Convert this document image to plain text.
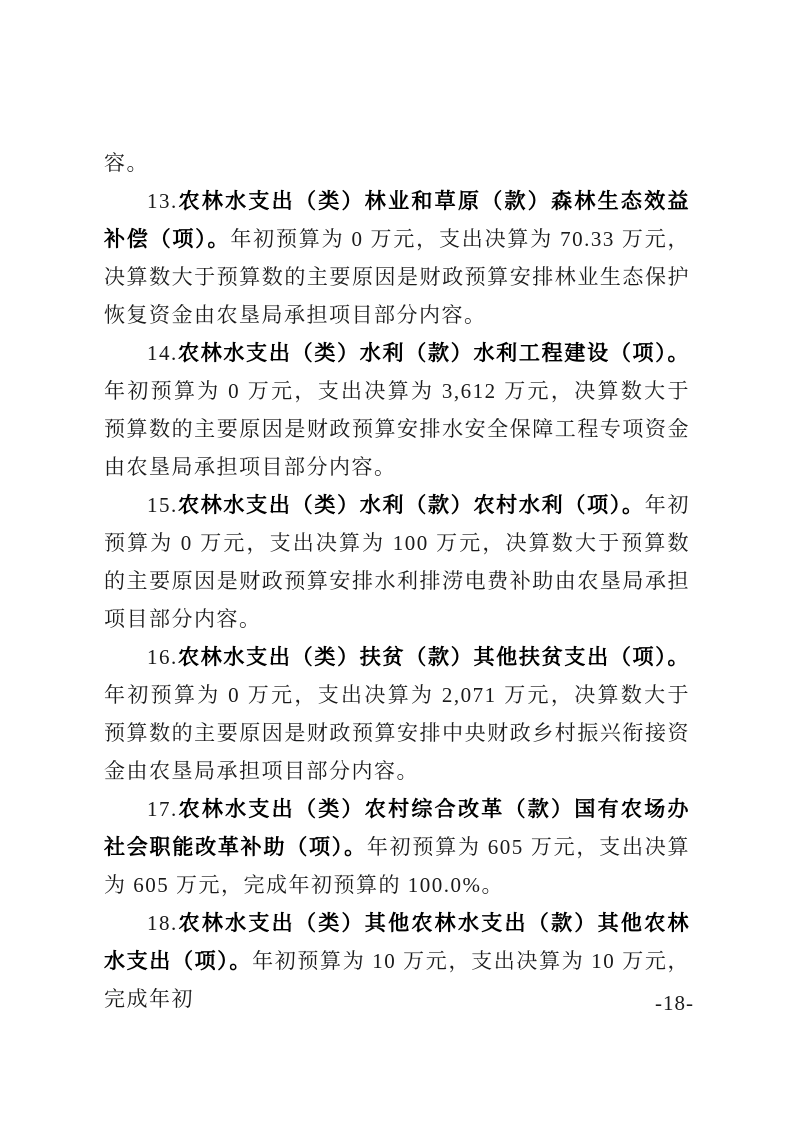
容。

13.农林水支出（类）林业和草原（款）森林生态效益补偿（项）。年初预算为 0 万元，支出决算为 70.33 万元，决算数大于预算数的主要原因是财政预算安排林业生态保护恢复资金由农垦局承担项目部分内容。

14.农林水支出（类）水利（款）水利工程建设（项）。年初预算为 0 万元，支出决算为 3,612 万元，决算数大于预算数的主要原因是财政预算安排水安全保障工程专项资金由农垦局承担项目部分内容。

15.农林水支出（类）水利（款）农村水利（项）。年初预算为 0 万元，支出决算为 100 万元，决算数大于预算数的主要原因是财政预算安排水利排涝电费补助由农垦局承担项目部分内容。

16.农林水支出（类）扶贫（款）其他扶贫支出（项）。年初预算为 0 万元，支出决算为 2,071 万元，决算数大于预算数的主要原因是财政预算安排中央财政乡村振兴衔接资金由农垦局承担项目部分内容。

17.农林水支出（类）农村综合改革（款）国有农场办社会职能改革补助（项）。年初预算为 605 万元，支出决算为 605 万元，完成年初预算的 100.0%。

18.农林水支出（类）其他农林水支出（款）其他农林水支出（项）。年初预算为 10 万元，支出决算为 10 万元，完成年初	-18-
